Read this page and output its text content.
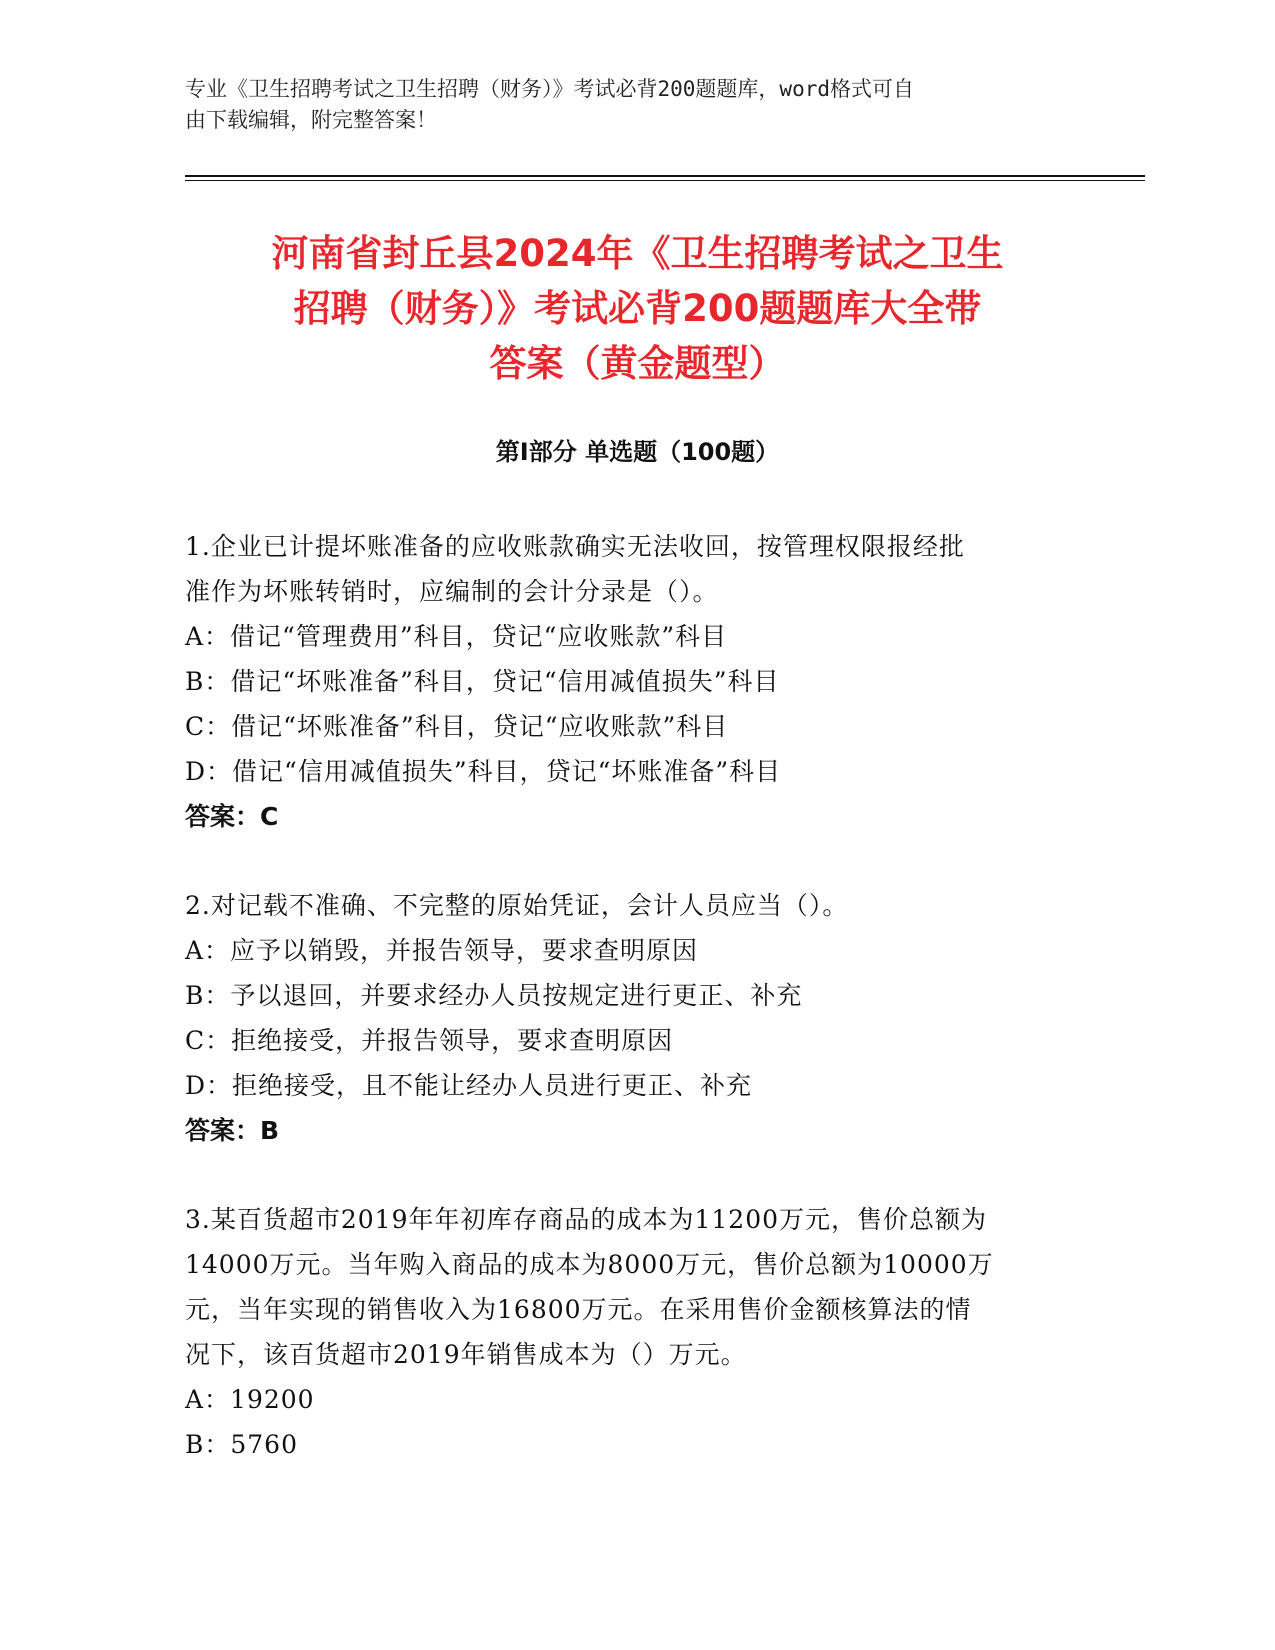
专业《卫生招聘考试之卫生招聘（财务）》考试必背200题题库，word格式可自
由下载编辑，附完整答案！
河南省封丘县2024年《卫生招聘考试之卫生
招聘（财务）》考试必背200题题库大全带
答案（黄金题型）
第Ⅰ部分 单选题（100题）

1.企业已计提坏账准备的应收账款确实无法收回，按管理权限报经批

准作为坏账转销时，应编制的会计分录是（）。

A：借记“管理费用”科目，贷记“应收账款”科目

B：借记“坏账准备”科目，贷记“信用减值损失”科目

C：借记“坏账准备”科目，贷记“应收账款”科目

D：借记“信用减值损失”科目，贷记“坏账准备”科目

答案：C

2.对记载不准确、不完整的原始凭证，会计人员应当（）。

A：应予以销毁，并报告领导，要求查明原因

B：予以退回，并要求经办人员按规定进行更正、补充

C：拒绝接受，并报告领导，要求查明原因

D：拒绝接受，且不能让经办人员进行更正、补充

答案：B

3.某百货超市2019年年初库存商品的成本为11200万元，售价总额为

14000万元。当年购入商品的成本为8000万元，售价总额为10000万

元，当年实现的销售收入为16800万元。在采用售价金额核算法的情

况下，该百货超市2019年销售成本为（）万元。

A：19200

B：5760
